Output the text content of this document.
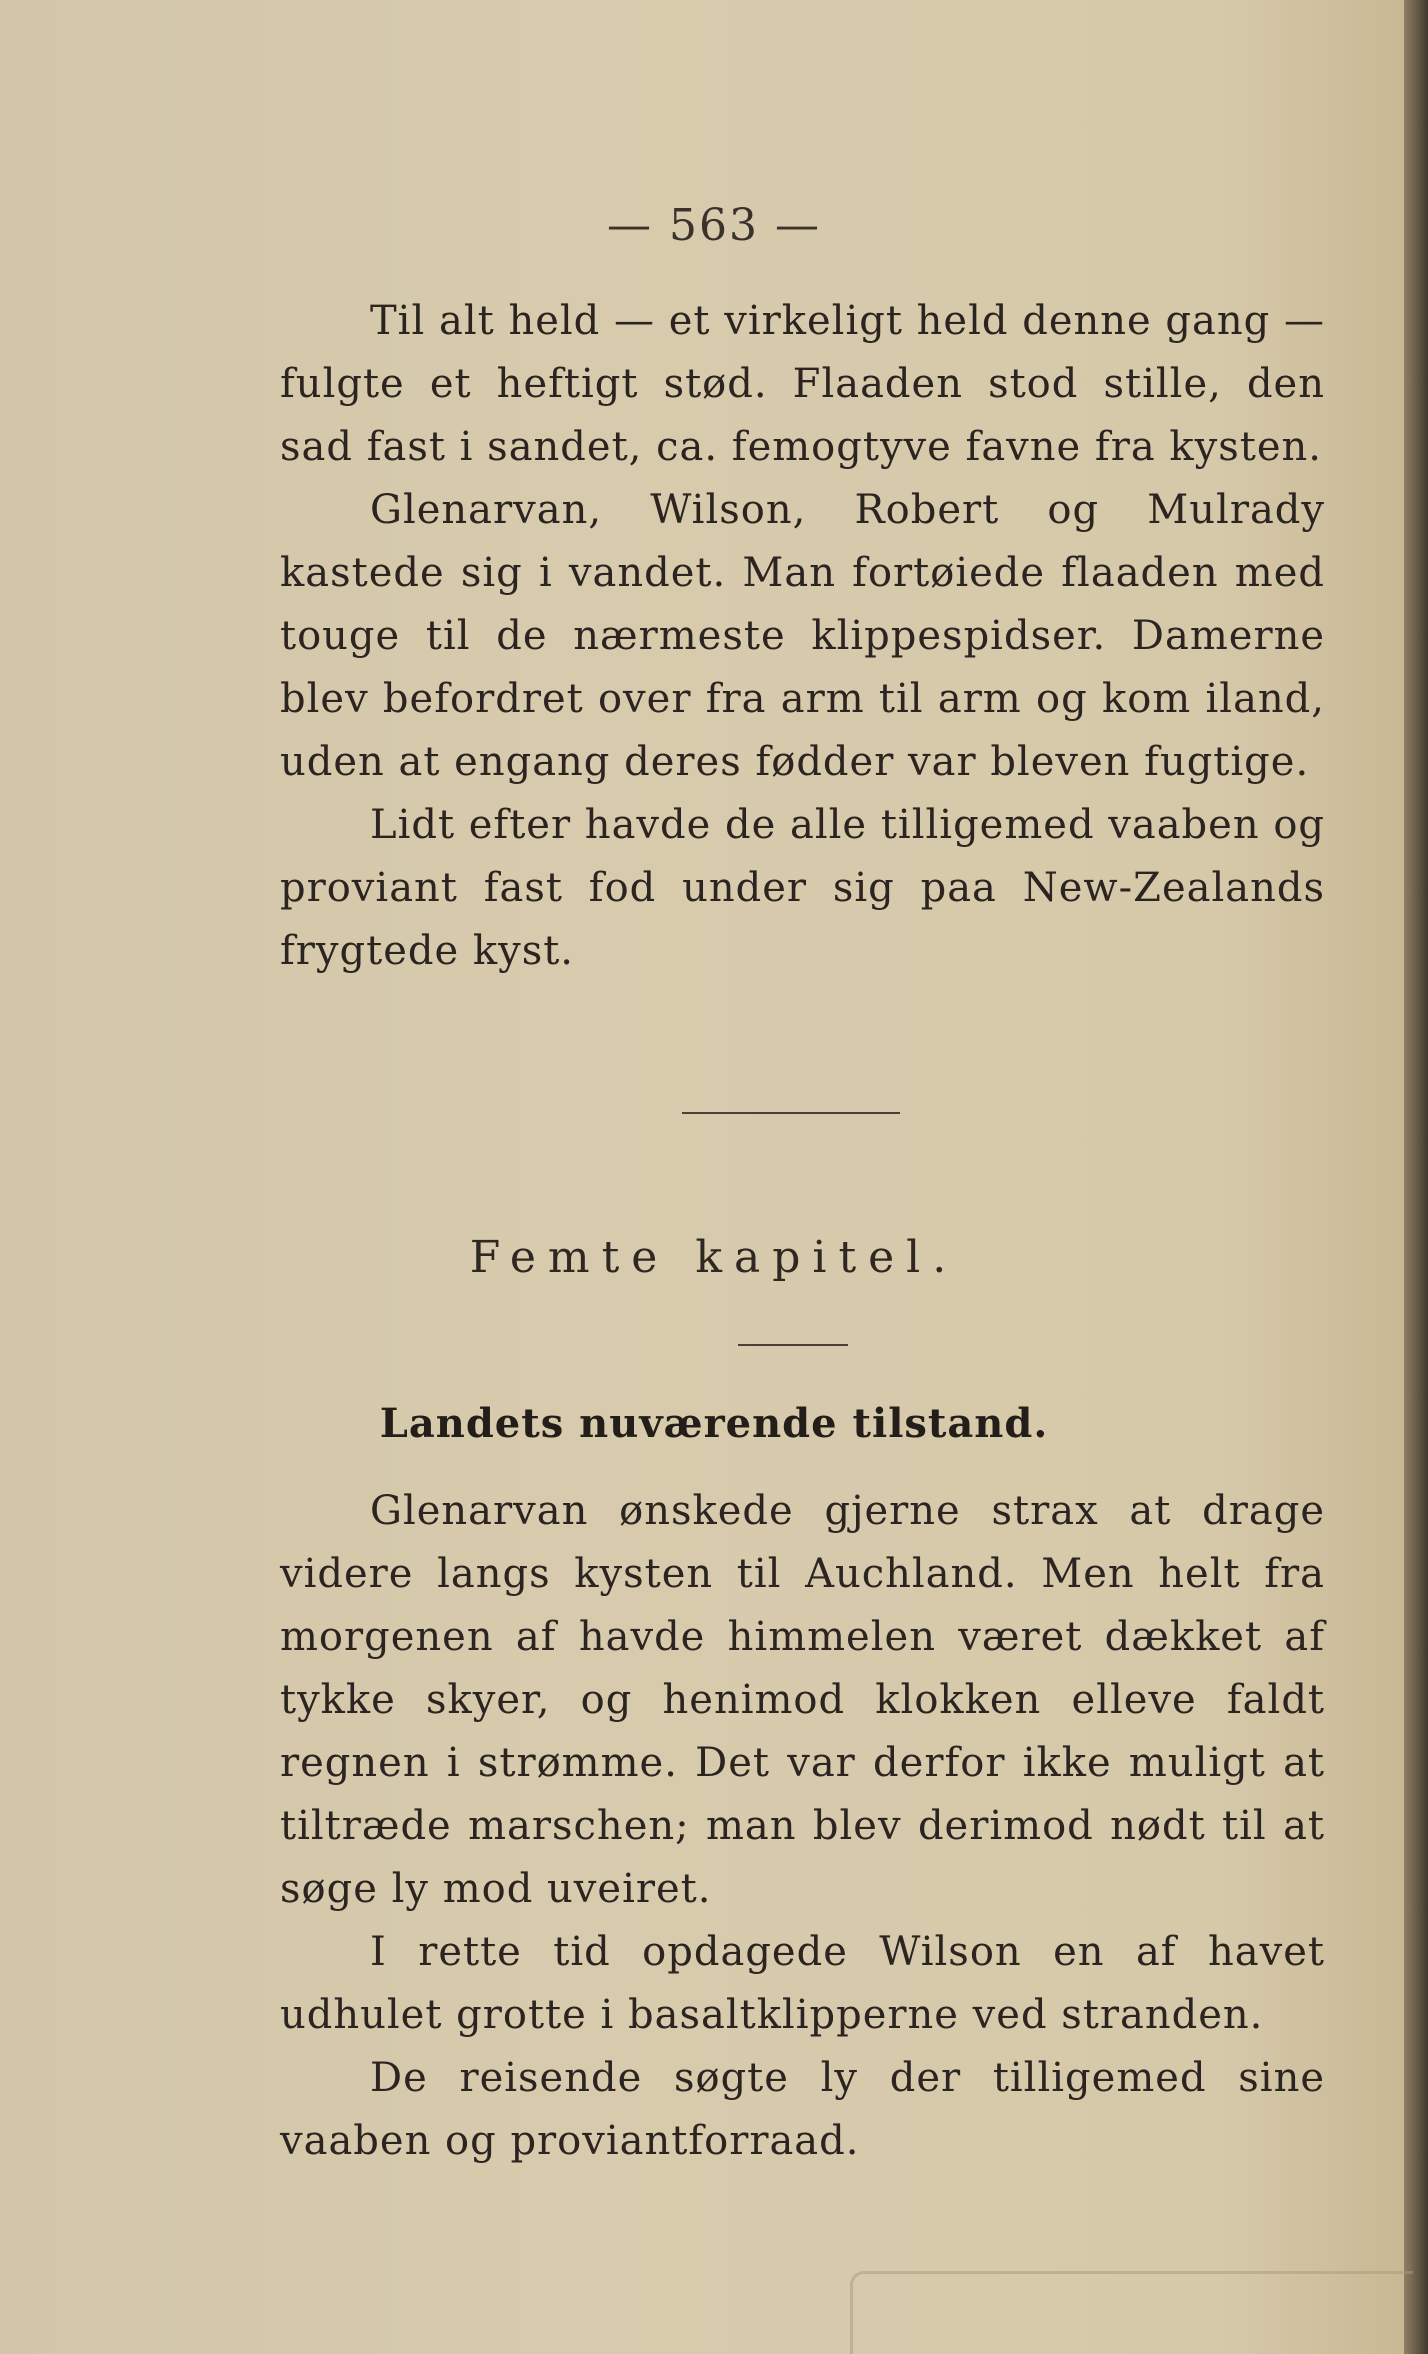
— 563 —

Til alt held — et virkeligt held denne gang — fulgte et heftigt stød. Flaaden stod stille, den sad fast i sandet, ca. femogtyve favne fra kysten.

Glenarvan, Wilson, Robert og Mulrady kastede sig i vandet. Man fortøiede flaaden med touge til de nærmeste klippespidser. Damerne blev befordret over fra arm til arm og kom iland, uden at engang deres fødder var bleven fugtige.

Lidt efter havde de alle tilligemed vaaben og proviant fast fod under sig paa New-Zealands frygtede kyst.

Femte kapitel.
Landets nuværende tilstand.

Glenarvan ønskede gjerne strax at drage videre langs kysten til Auchland. Men helt fra morgenen af havde himmelen været dækket af tykke skyer, og henimod klokken elleve faldt regnen i strømme. Det var derfor ikke muligt at tiltræde marschen; man blev derimod nødt til at søge ly mod uveiret.

I rette tid opdagede Wilson en af havet udhulet grotte i basaltklipperne ved stranden.

De reisende søgte ly der tilligemed sine vaaben og proviantforraad.
